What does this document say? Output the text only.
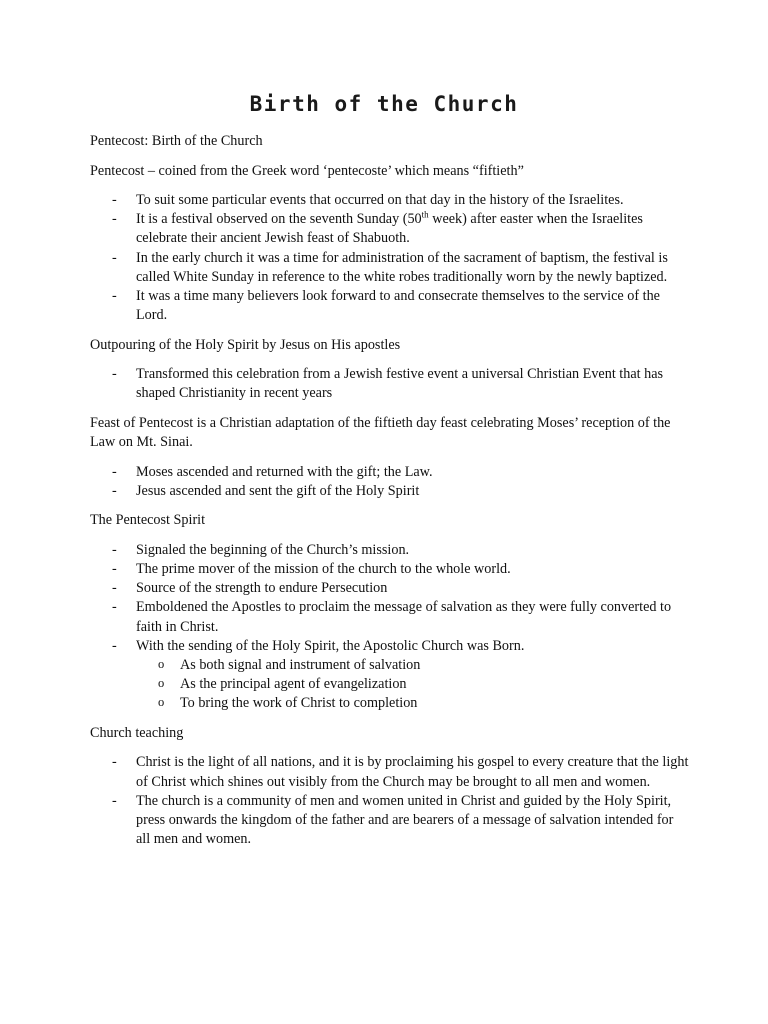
Birth of the Church

Pentecost: Birth of the Church

Pentecost – coined from the Greek word ‘pentecoste’ which means “fiftieth”

- To suit some particular events that occurred on that day in the history of the Israelites.
- It is a festival observed on the seventh Sunday (50th week) after easter when the Israelites celebrate their ancient Jewish feast of Shabuoth.
- In the early church it was a time for administration of the sacrament of baptism, the festival is called White Sunday in reference to the white robes traditionally worn by the newly baptized.
- It was a time many believers look forward to and consecrate themselves to the service of the Lord.

Outpouring of the Holy Spirit by Jesus on His apostles

- Transformed this celebration from a Jewish festive event a universal Christian Event that has shaped Christianity in recent years

Feast of Pentecost is a Christian adaptation of the fiftieth day feast celebrating Moses’ reception of the Law on Mt. Sinai.

- Moses ascended and returned with the gift; the Law.
- Jesus ascended and sent the gift of the Holy Spirit

The Pentecost Spirit

- Signaled the beginning of the Church’s mission.
- The prime mover of the mission of the church to the whole world.
- Source of the strength to endure Persecution
- Emboldened the Apostles to proclaim the message of salvation as they were fully converted to faith in Christ.
- With the sending of the Holy Spirit, the Apostolic Church was Born.
o As both signal and instrument of salvation
o As the principal agent of evangelization
o To bring the work of Christ to completion

Church teaching

- Christ is the light of all nations, and it is by proclaiming his gospel to every creature that the light of Christ which shines out visibly from the Church may be brought to all men and women.
- The church is a community of men and women united in Christ and guided by the Holy Spirit, press onwards the kingdom of the father and are bearers of a message of salvation intended for all men and women.
